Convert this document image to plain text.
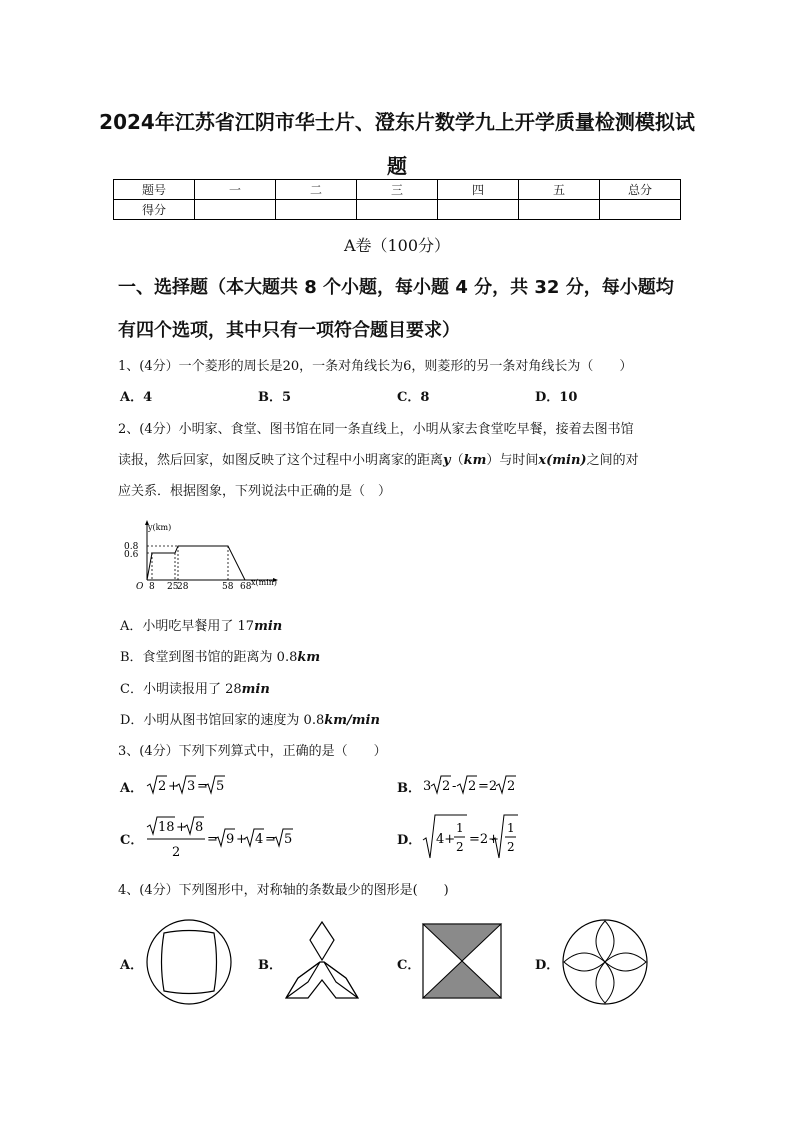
2024年江苏省江阴市华士片、澄东片数学九上开学质量检测模拟试
题
题号	一	二	三	四	五	总分
得分						
A卷（100分）
一、选择题（本大题共 8 个小题，每小题 4 分，共 32 分，每小题均
有四个选项，其中只有一项符合题目要求）
1、(4分）一个菱形的周长是20，一条对角线长为6，则菱形的另一条对角线长为（　　）
A．4	B．5	C．8	D．10
2、(4分）小明家、食堂、图书馆在同一条直线上，小明从家去食堂吃早餐，接着去图书馆
读报，然后回家，如图反映了这个过程中小明离家的距离y（km）与时间x(min)之间的对
应关系．根据图象，下列说法中正确的是（　）
y(km)
0.8
0.6
O 8 25
28	58 68 x(min)
A．小明吃早餐用了 17min
B．食堂到图书馆的距离为 0.8km
C．小明读报用了 28min
D．小明从图书馆回家的速度为 0.8km/min
3、(4分）下列下列算式中，正确的是（　　）
A． 2 + 3 = 5	B． 3 2 - 2 =2 2
C．
18 + 8
2
= 9 + 4 = 5	D． 4+
1
2 =2+
1
2
4、(4分）下列图形中，对称轴的条数最少的图形是(　　)
A．	B．	C．	D．
